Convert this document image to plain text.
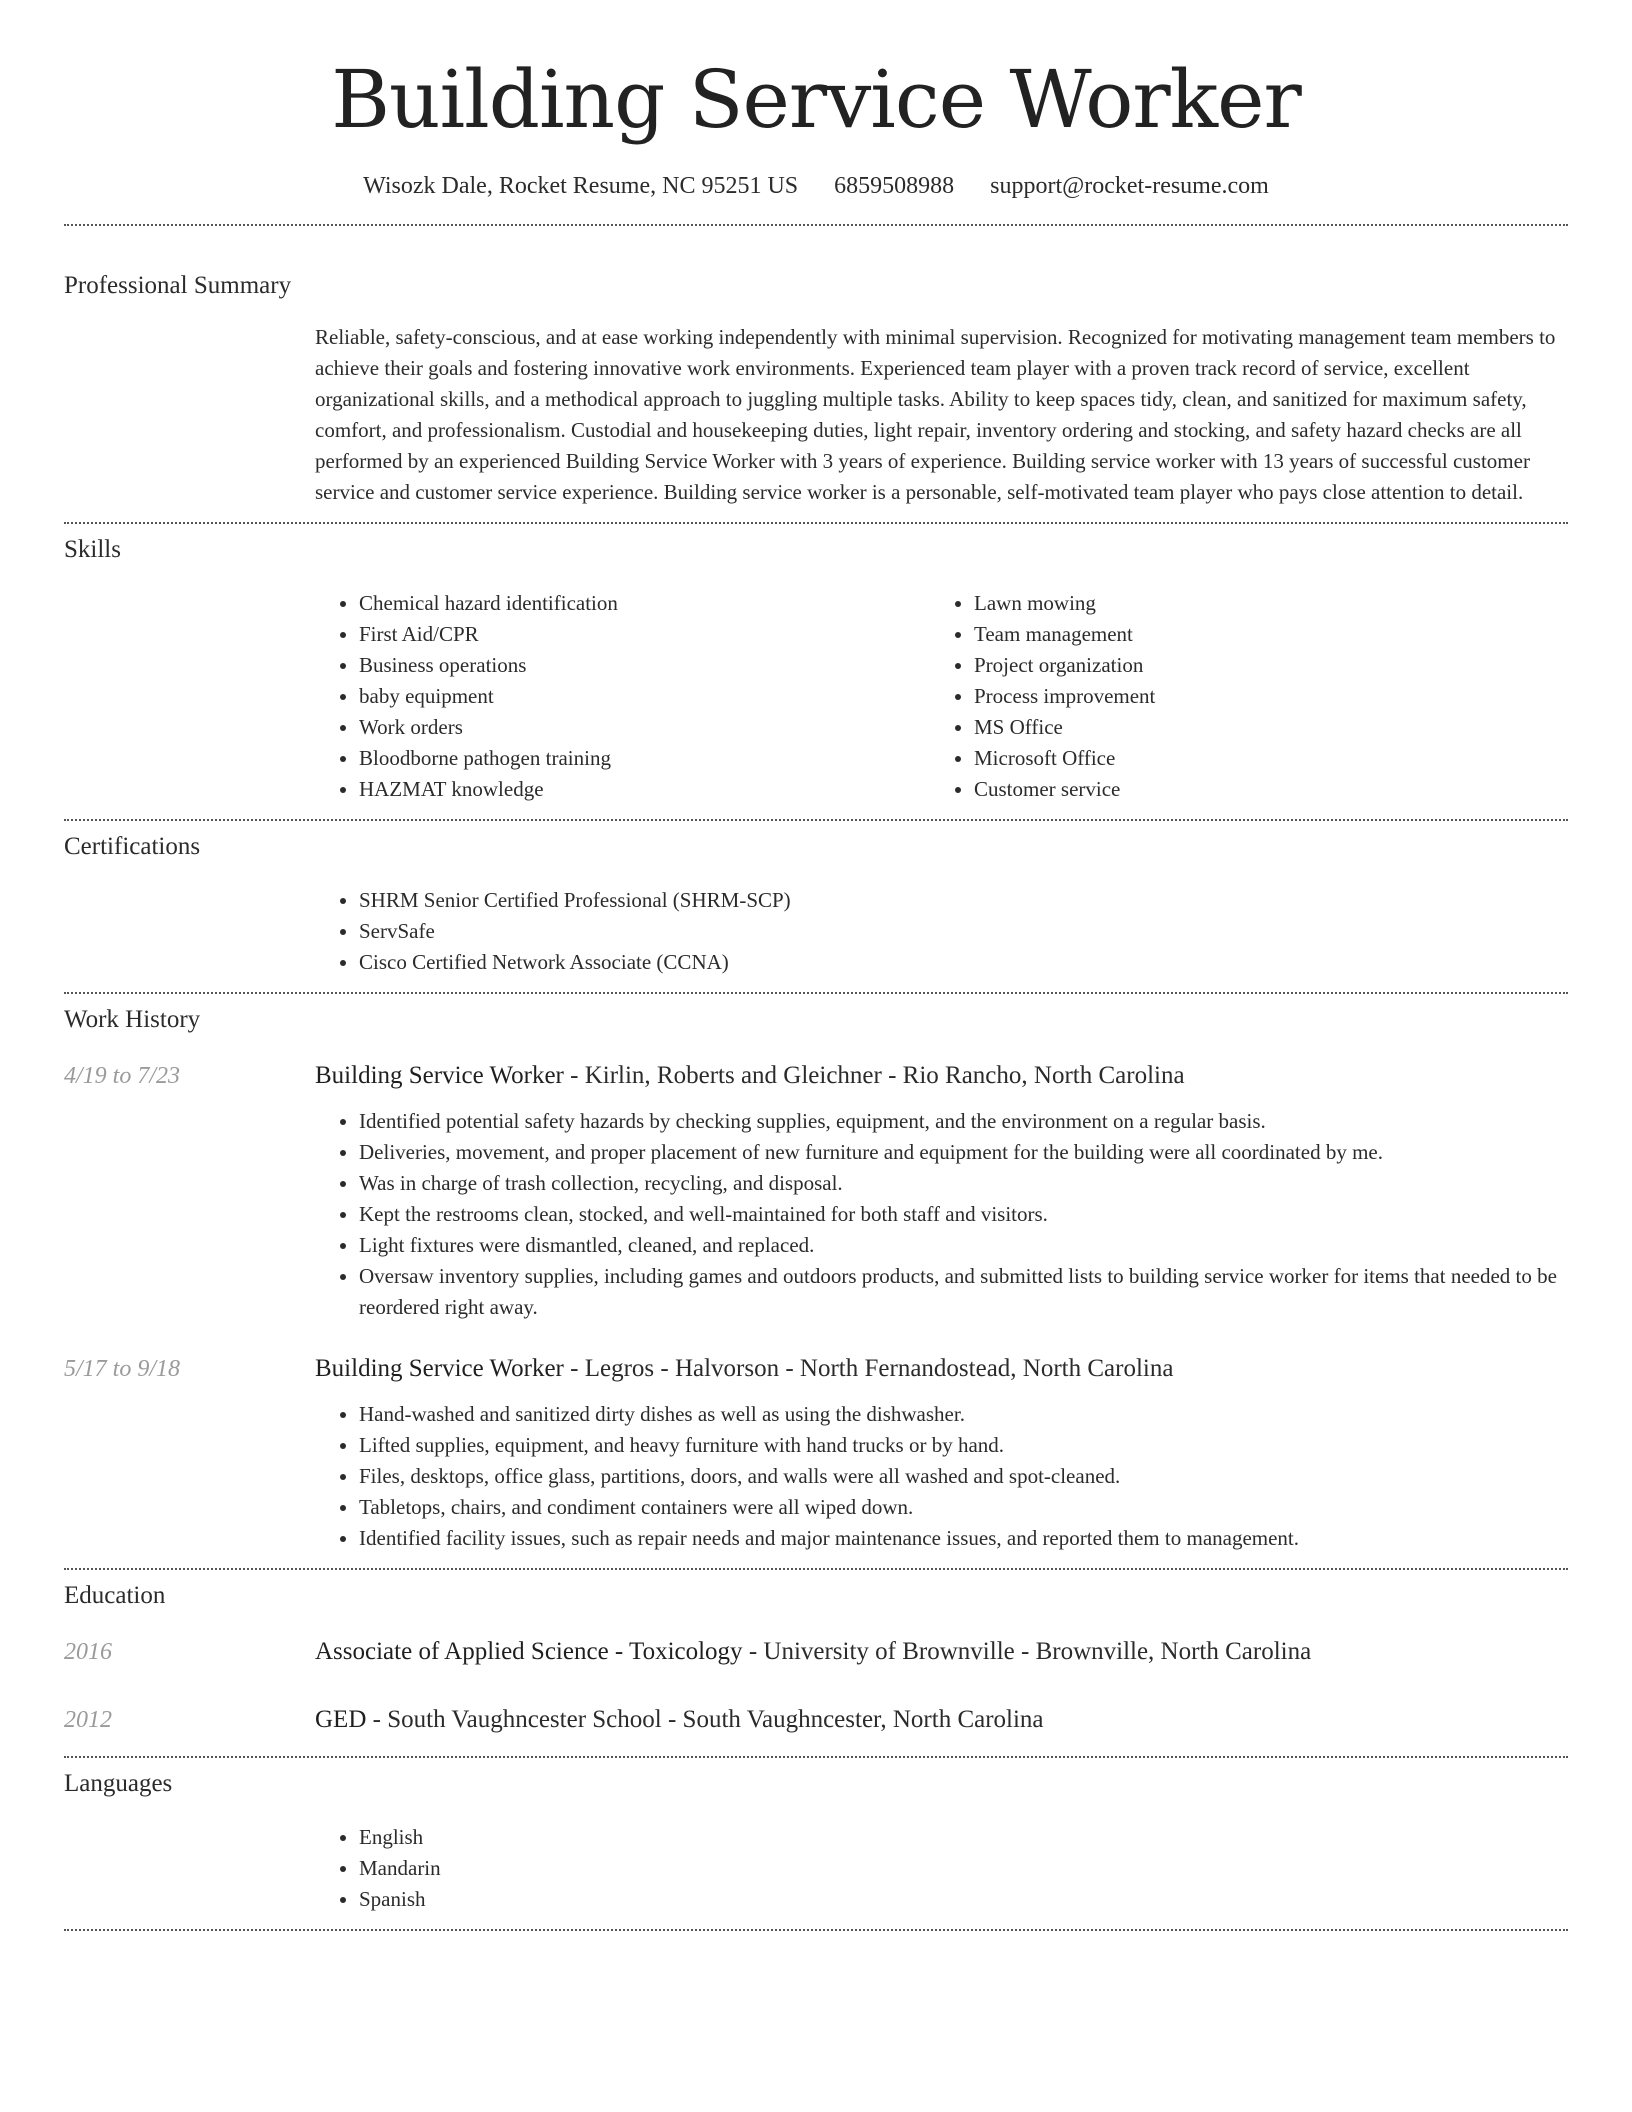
Building Service Worker
Wisozk Dale, Rocket Resume, NC 95251 US 6859508988 support@rocket-resume.com
Professional Summary
Reliable, safety-conscious, and at ease working independently with minimal supervision. Recognized for motivating management team members to achieve their goals and fostering innovative work environments. Experienced team player with a proven track record of service, excellent organizational skills, and a methodical approach to juggling multiple tasks. Ability to keep spaces tidy, clean, and sanitized for maximum safety, comfort, and professionalism. Custodial and housekeeping duties, light repair, inventory ordering and stocking, and safety hazard checks are all performed by an experienced Building Service Worker with 3 years of experience. Building service worker with 13 years of successful customer service and customer service experience. Building service worker is a personable, self-motivated team player who pays close attention to detail.
Skills
• Chemical hazard identification
• First Aid/CPR
• Business operations
• baby equipment
• Work orders
• Bloodborne pathogen training
• HAZMAT knowledge
• Lawn mowing
• Team management
• Project organization
• Process improvement
• MS Office
• Microsoft Office
• Customer service
Certifications
• SHRM Senior Certified Professional (SHRM-SCP)
• ServSafe
• Cisco Certified Network Associate (CCNA)
Work History
4/19 to 7/23	Building Service Worker - Kirlin, Roberts and Gleichner - Rio Rancho, North Carolina
• Identified potential safety hazards by checking supplies, equipment, and the environment on a regular basis.
• Deliveries, movement, and proper placement of new furniture and equipment for the building were all coordinated by me.
• Was in charge of trash collection, recycling, and disposal.
• Kept the restrooms clean, stocked, and well-maintained for both staff and visitors.
• Light fixtures were dismantled, cleaned, and replaced.
• Oversaw inventory supplies, including games and outdoors products, and submitted lists to building service worker for items that needed to be reordered right away.
5/17 to 9/18	Building Service Worker - Legros - Halvorson - North Fernandostead, North Carolina
• Hand-washed and sanitized dirty dishes as well as using the dishwasher.
• Lifted supplies, equipment, and heavy furniture with hand trucks or by hand.
• Files, desktops, office glass, partitions, doors, and walls were all washed and spot-cleaned.
• Tabletops, chairs, and condiment containers were all wiped down.
• Identified facility issues, such as repair needs and major maintenance issues, and reported them to management.
Education
2016	Associate of Applied Science - Toxicology - University of Brownville - Brownville, North Carolina
2012	GED - South Vaughncester School - South Vaughncester, North Carolina
Languages
• English
• Mandarin
• Spanish
